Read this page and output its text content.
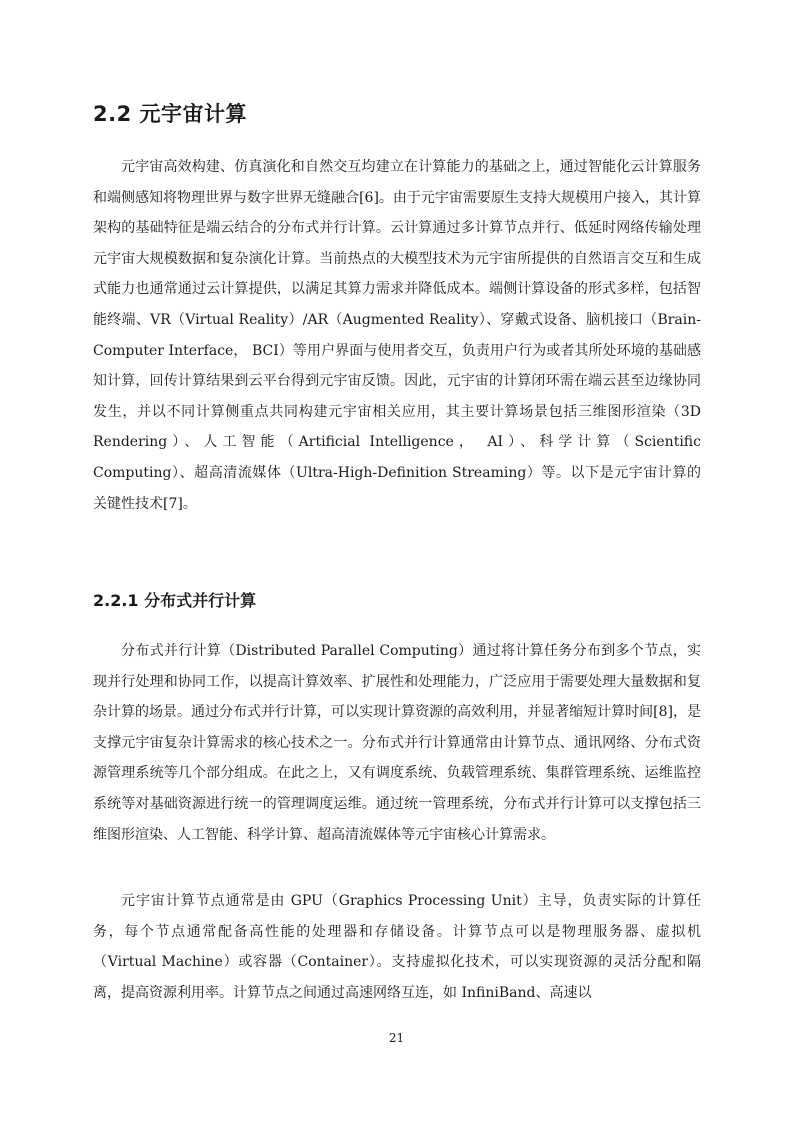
2.2 元宇宙计算

元宇宙高效构建、仿真演化和自然交互均建立在计算能力的基础之上，通过智能化云计算服务和端侧感知将物理世界与数字世界无缝融合[6]。由于元宇宙需要原生支持大规模用户接入，其计算架构的基础特征是端云结合的分布式并行计算。云计算通过多计算节点并行、低延时网络传输处理元宇宙大规模数据和复杂演化计算。当前热点的大模型技术为元宇宙所提供的自然语言交互和生成式能力也通常通过云计算提供，以满足其算力需求并降低成本。端侧计算设备的形式多样，包括智能终端、VR（Virtual Reality）/AR（Augmented Reality）、穿戴式设备、脑机接口（Brain-Computer Interface， BCI）等用户界面与使用者交互，负责用户行为或者其所处环境的基础感知计算，回传计算结果到云平台得到元宇宙反馈。因此，元宇宙的计算闭环需在端云甚至边缘协同发生，并以不同计算侧重点共同构建元宇宙相关应用，其主要计算场景包括三维图形渲染（3D Rendering）、人工智能（Artificial Intelligence， AI）、科学计算（Scientific Computing）、超高清流媒体（Ultra-High-Definition Streaming）等。以下是元宇宙计算的关键性技术[7]。

2.2.1 分布式并行计算

分布式并行计算（Distributed Parallel Computing）通过将计算任务分布到多个节点，实现并行处理和协同工作，以提高计算效率、扩展性和处理能力，广泛应用于需要处理大量数据和复杂计算的场景。通过分布式并行计算，可以实现计算资源的高效利用，并显著缩短计算时间[8]，是支撑元宇宙复杂计算需求的核心技术之一。分布式并行计算通常由计算节点、通讯网络、分布式资源管理系统等几个部分组成。在此之上，又有调度系统、负载管理系统、集群管理系统、运维监控系统等对基础资源进行统一的管理调度运维。通过统一管理系统，分布式并行计算可以支撑包括三维图形渲染、人工智能、科学计算、超高清流媒体等元宇宙核心计算需求。

元宇宙计算节点通常是由 GPU（Graphics Processing Unit）主导，负责实际的计算任务，每个节点通常配备高性能的处理器和存储设备。计算节点可以是物理服务器、虚拟机（Virtual Machine）或容器（Container）。支持虚拟化技术，可以实现资源的灵活分配和隔离，提高资源利用率。计算节点之间通过高速网络互连，如 InfiniBand、高速以

21
